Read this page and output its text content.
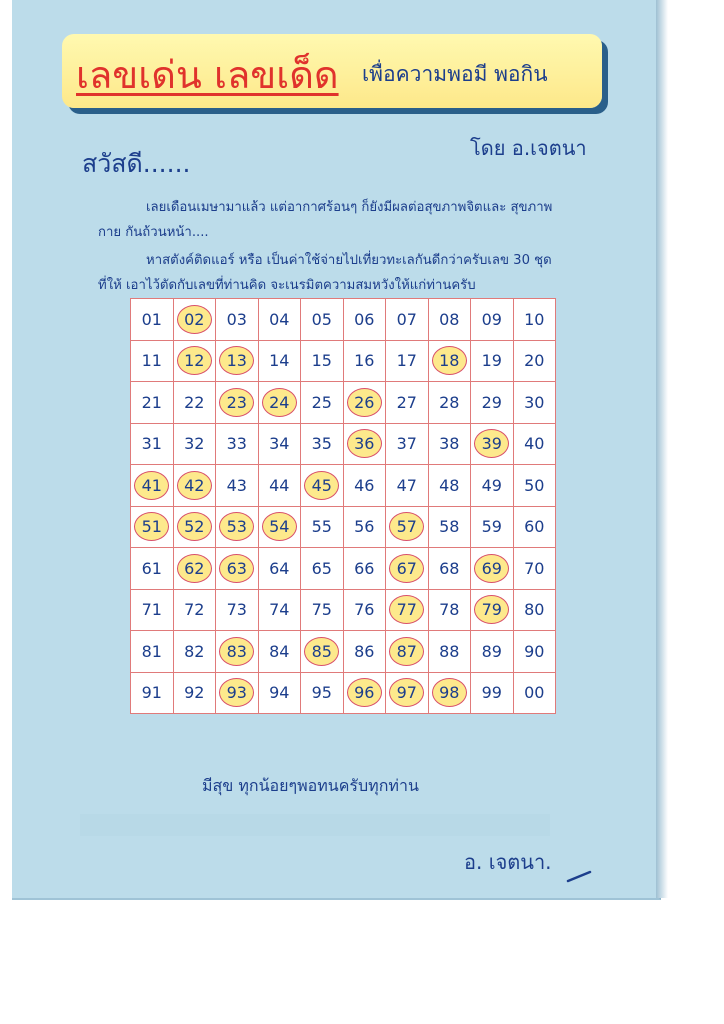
เลขเด่น เลขเด็ด เพื่อความพอมี พอกิน
โดย อ.เจตนา
สวัสดี......
เลยเดือนเมษามาแล้ว แต่อากาศร้อนๆ ก็ยังมีผลต่อสุขภาพจิตและ สุขภาพ
กาย กันถ้วนหน้า....
หาสตังค์ติดแอร์ หรือ เป็นค่าใช้จ่ายไปเที่ยวทะเลกันดีกว่าครับเลข 30 ชุด
ที่ให้ เอาไว้ตัดกับเลขที่ท่านคิด จะเนรมิตความสมหวังให้แก่ท่านครับ
01	02	03	04	05	06	07	08	09	10
11	12	13	14	15	16	17	18	19	20
21	22	23	24	25	26	27	28	29	30
31	32	33	34	35	36	37	38	39	40
41	42	43	44	45	46	47	48	49	50
51	52	53	54	55	56	57	58	59	60
61	62	63	64	65	66	67	68	69	70
71	72	73	74	75	76	77	78	79	80
81	82	83	84	85	86	87	88	89	90
91	92	93	94	95	96	97	98	99	00
มีสุข ทุกน้อยๆพอทนครับทุกท่าน
อ. เจตนา.
